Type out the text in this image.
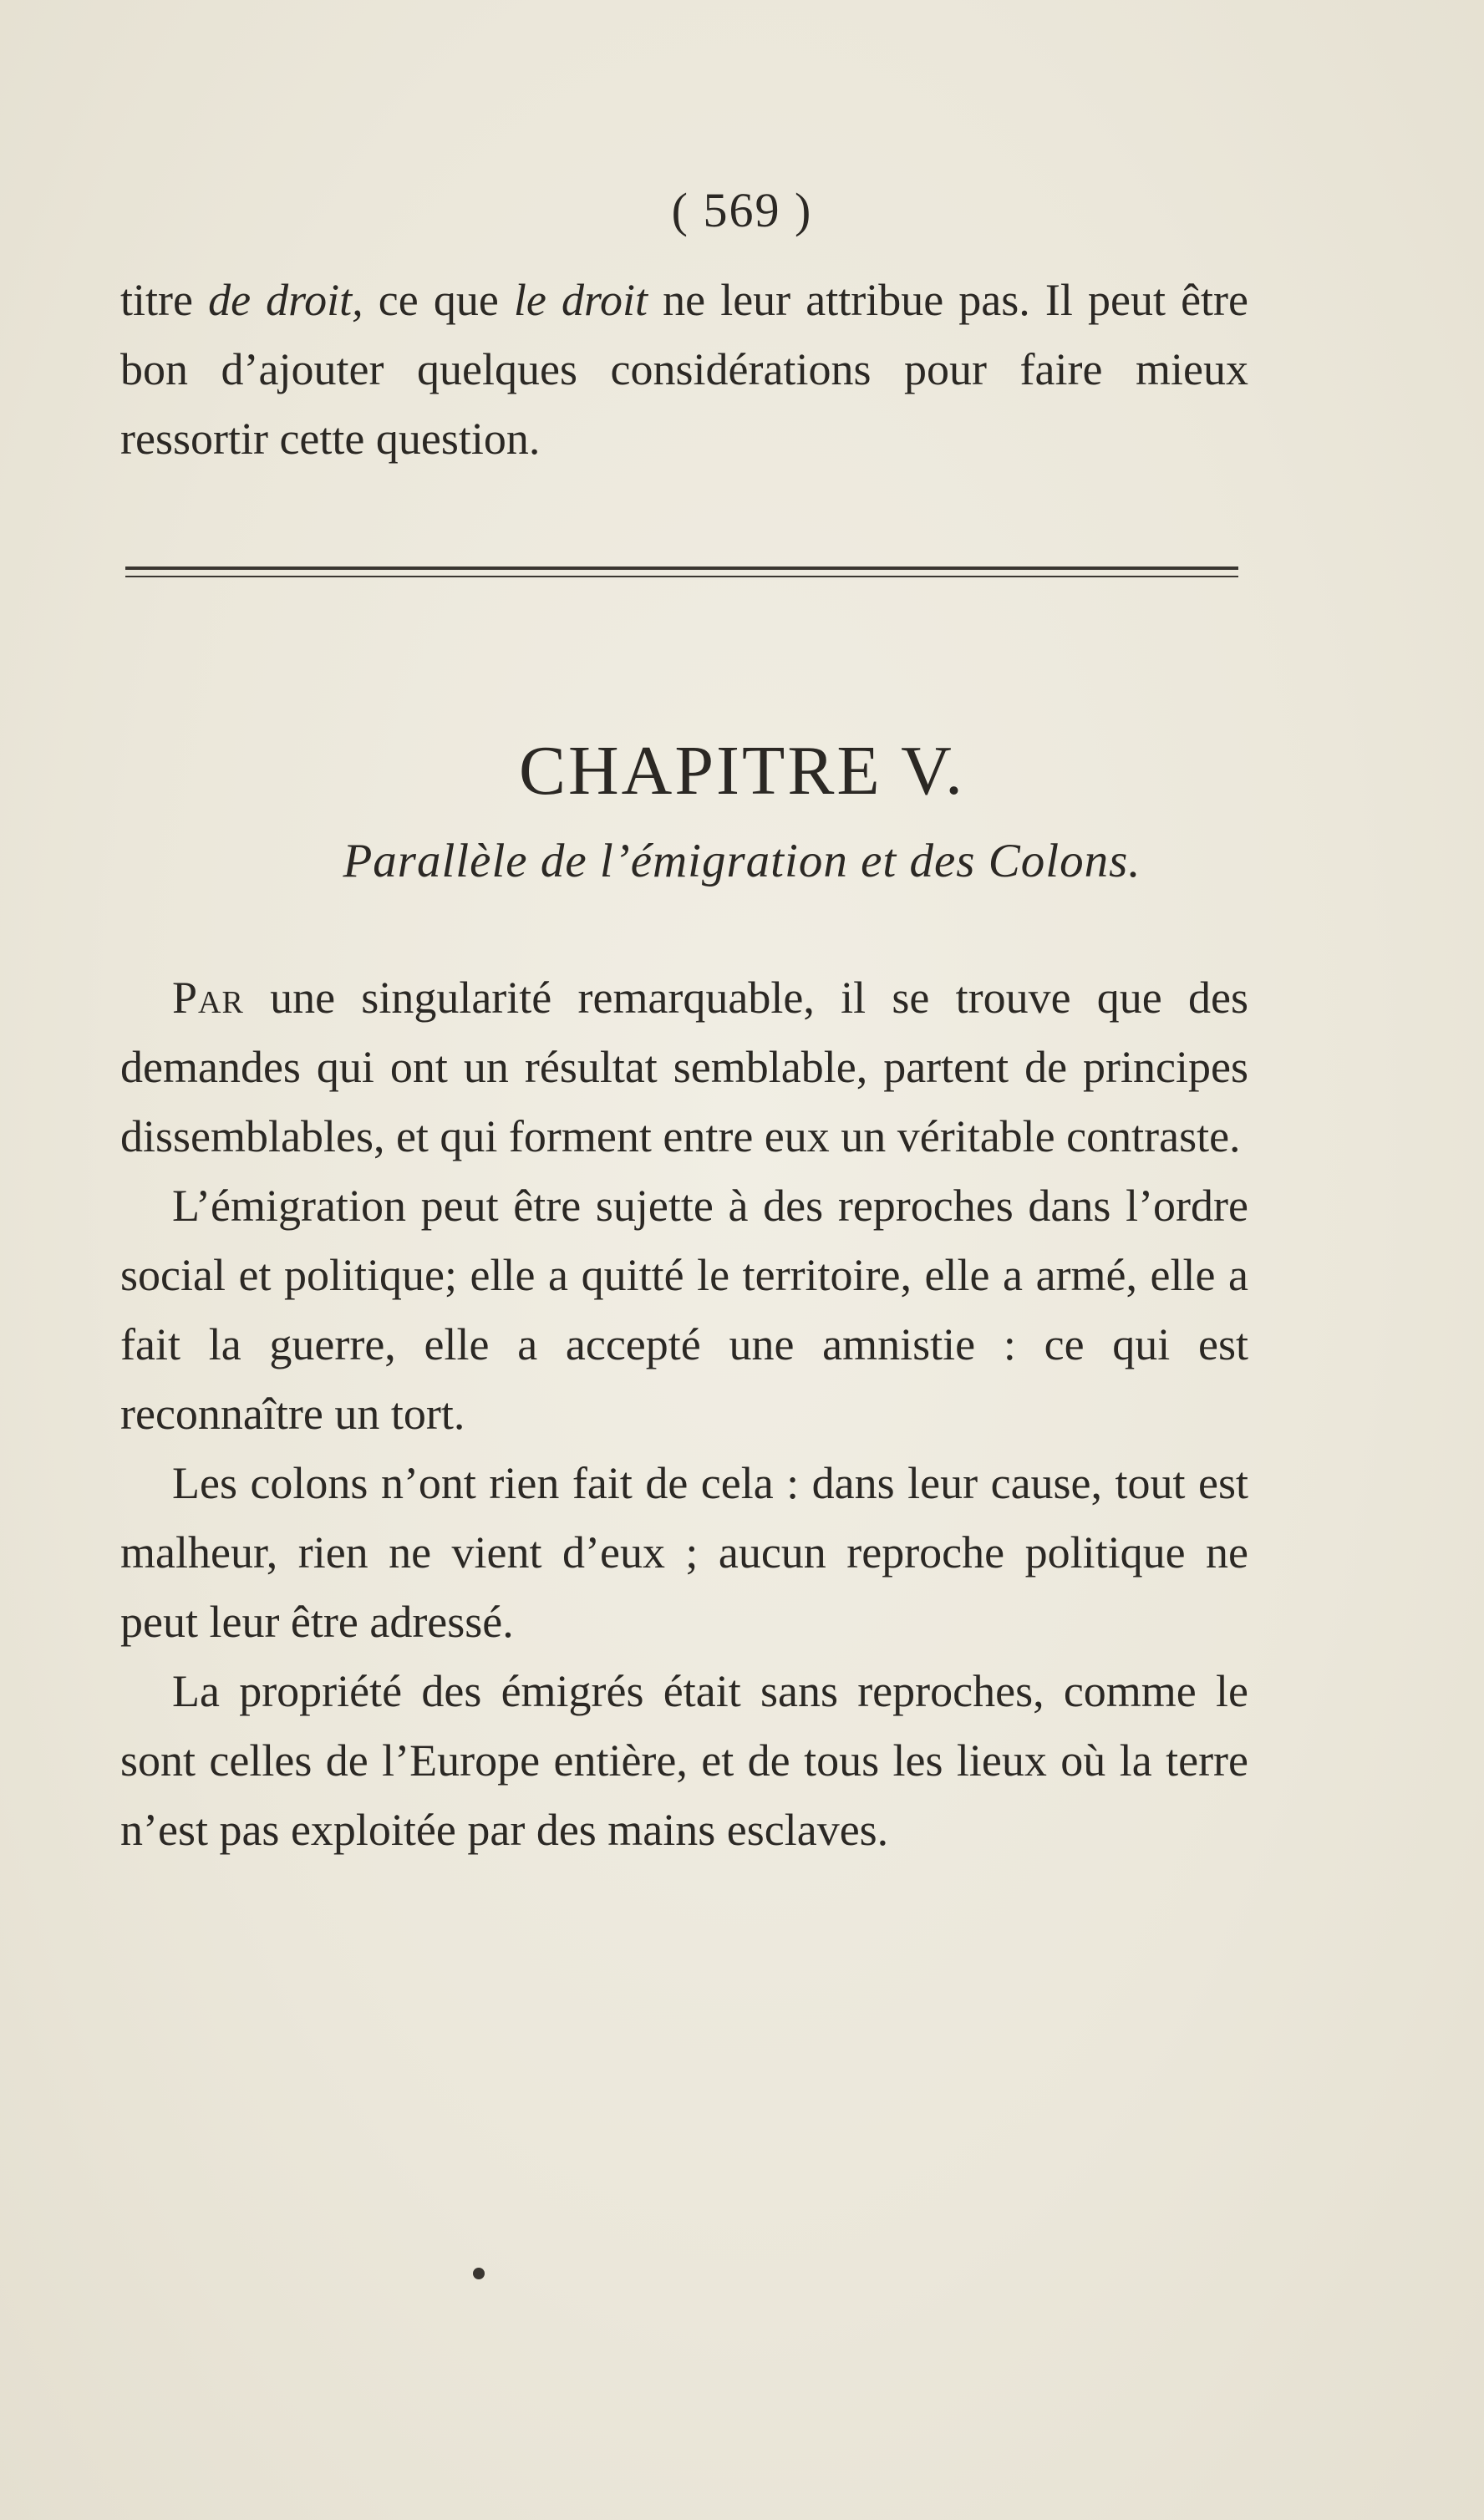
( 569 )

titre de droit, ce que le droit ne leur attribue pas. Il peut être bon d’ajouter quelques considérations pour faire mieux ressortir cette question.

CHAPITRE V.
Parallèle de l’émigration et des Colons.

Par une singularité remarquable, il se trouve que des demandes qui ont un résultat semblable, partent de principes dissemblables, et qui forment entre eux un véritable contraste.

L’émigration peut être sujette à des reproches dans l’ordre social et politique; elle a quitté le territoire, elle a armé, elle a fait la guerre, elle a accepté une amnistie : ce qui est reconnaître un tort.

Les colons n’ont rien fait de cela : dans leur cause, tout est malheur, rien ne vient d’eux ; aucun reproche politique ne peut leur être adressé.

La propriété des émigrés était sans reproches, comme le sont celles de l’Europe entière, et de tous les lieux où la terre n’est pas exploitée par des mains esclaves.
